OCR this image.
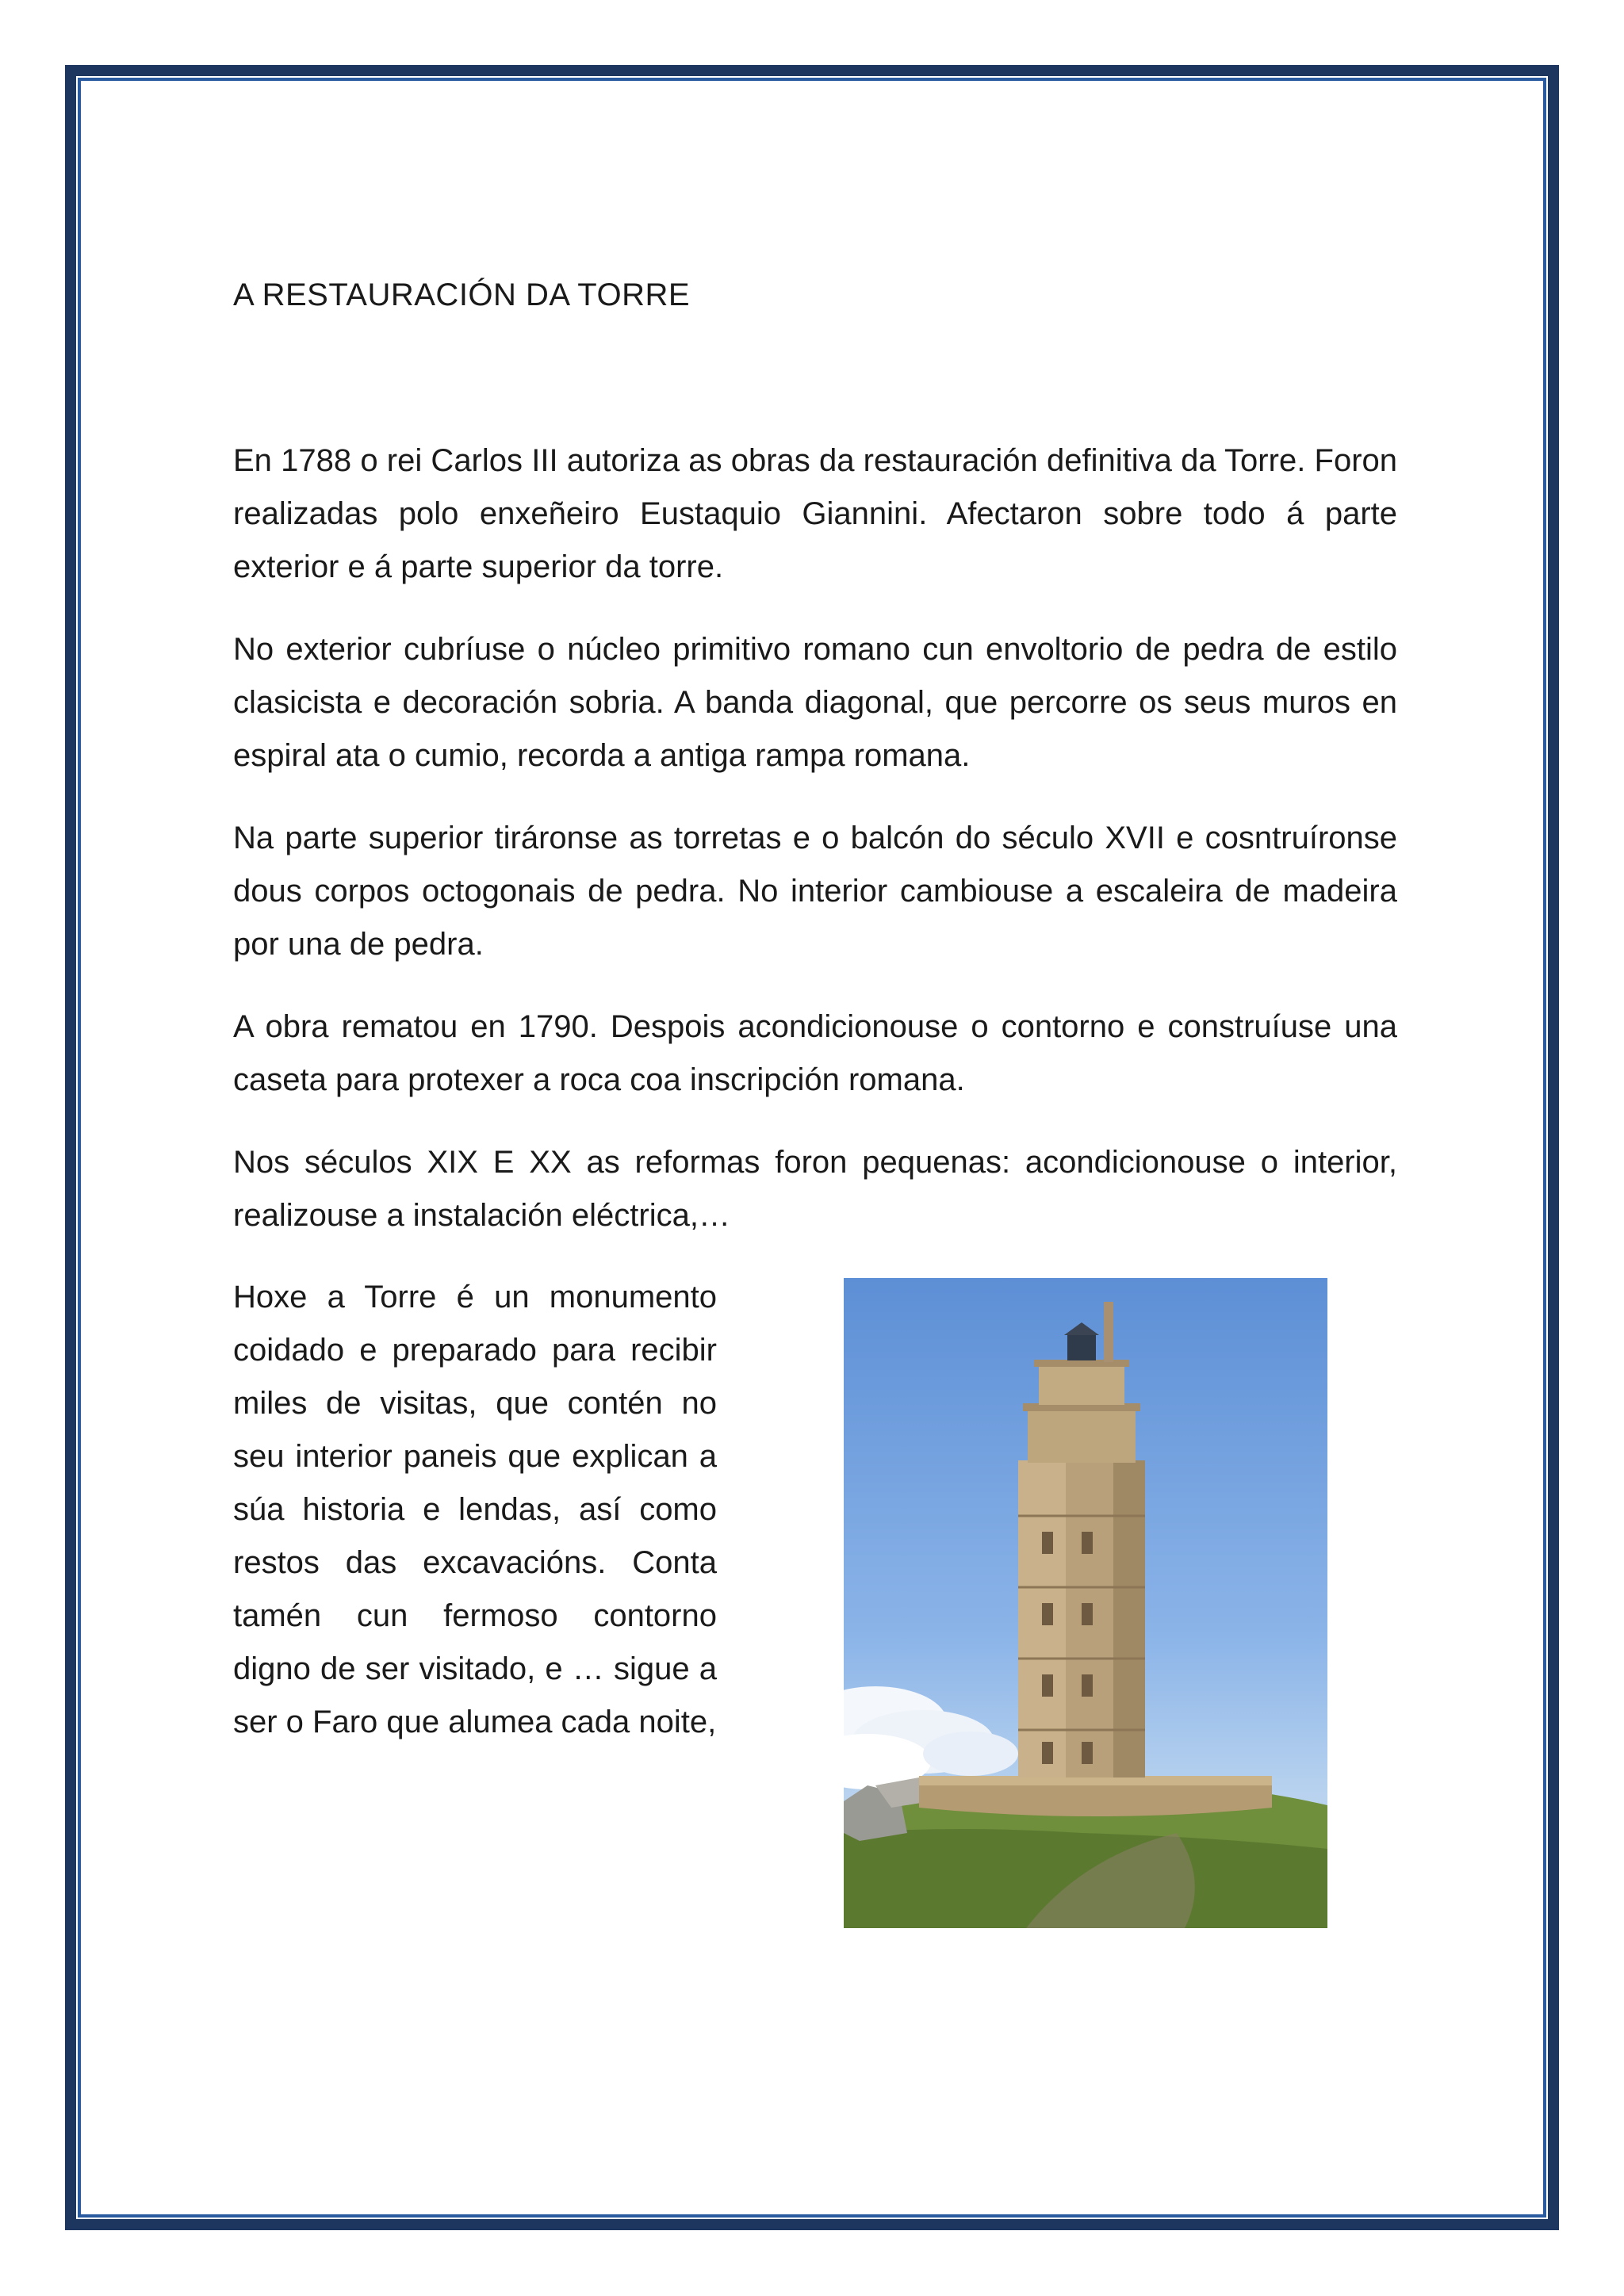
A RESTAURACIÓN DA TORRE

En 1788 o rei Carlos III autoriza as obras da restauración definitiva da Torre. Foron realizadas polo enxeñeiro Eustaquio Giannini. Afectaron sobre todo á parte exterior e á parte superior da torre.

No exterior cubríuse o núcleo primitivo romano cun envoltorio de pedra de estilo clasicista e decoración sobria. A banda diagonal, que percorre os seus muros en espiral ata o cumio, recorda a antiga rampa romana.

Na parte superior tiráronse as torretas e o balcón do século XVII e cosntruíronse dous corpos octogonais de pedra. No interior cambiouse a escaleira de madeira por una de pedra.

A obra rematou en 1790. Despois acondicionouse o contorno e construíuse una caseta para protexer a roca coa inscripción romana.

Nos séculos XIX E XX as reformas foron pequenas: acondicionouse o interior, realizouse a instalación eléctrica,…

Hoxe a Torre é un monumento coidado e preparado para recibir miles de visitas, que contén no seu interior paneis que explican a súa historia e lendas, así como restos das excavacións. Conta tamén cun fermoso contorno digno de ser visitado, e … sigue a ser o Faro que alumea cada noite,
